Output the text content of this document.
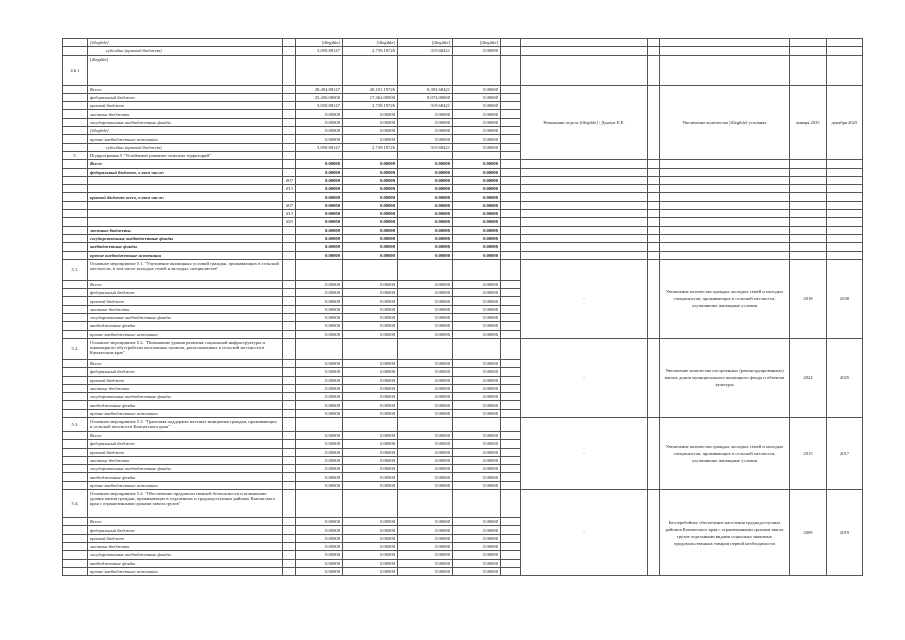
	[illegible]		[illegible]	[illegible]	[illegible]	[illegible]						
	субсидии (краевой бюджет)		3,058.88147	2,739.19726	319.68421	0.00000						
4.6.1	[illegible]											
	Всего:		28,494.88147	20,101.19726	8,393.68421	0.00000		Начальник отдела [illegible] / Дьячук Е.Е.		Увеличение количества [illegible] условиях	января 2025	декабря 2025
	федеральный бюджет		25,436.00000	17,362.00000	8,074.00000	0.00000						
	краевой бюджет		3,058.88147	2,739.19726	319.68421	0.00000						
	местные бюджеты		0.00000	0.00000	0.00000	0.00000						
	государственные внебюджетные фонды		0.00000	0.00000	0.00000	0.00000						
	[illegible]		0.00000	0.00000	0.00000	0.00000						
	прочие внебюджетные источники		0.00000	0.00000	0.00000	0.00000						
	субсидии (краевой бюджет)		3,058.88147	2,739.19726	319.68421	0.00000						
5.	Подпрограмма 5 "Устойчивое развитие сельских территорий"											
	Всего:		0.00000	0.00000	0.00000	0.00000						
	федеральный бюджет, в том числе:		0.00000	0.00000	0.00000	0.00000						
		807	0.00000	0.00000	0.00000	0.00000						
		813	0.00000	0.00000	0.00000	0.00000						
	краевой бюджет всего, в том числе:		0.00000	0.00000	0.00000	0.00000						
		807	0.00000	0.00000	0.00000	0.00000						
		813	0.00000	0.00000	0.00000	0.00000						
		843	0.00000	0.00000	0.00000	0.00000						
	местные бюджеты		0.00000	0.00000	0.00000	0.00000						
	государственные внебюджетные фонды		0.00000	0.00000	0.00000	0.00000						
	внебюджетные фонды		0.00000	0.00000	0.00000	0.00000						
	прочие внебюджетные источники		0.00000	0.00000	0.00000	0.00000						
5.1.	Основное мероприятие 5.1. "Улучшение жилищных условий граждан, проживающих в сельской местности, в том числе молодых семей и молодых специалистов"							-		Увеличение количества граждан, молодых семей и молодых специалистов, проживающих в сельской местности, улучшивших жилищные условия	2018	2030
	Всего:		0.00000	0.00000	0.00000	0.00000						
	федеральный бюджет		0.00000	0.00000	0.00000	0.00000						
	краевой бюджет		0.00000	0.00000	0.00000	0.00000						
	местные бюджеты		0.00000	0.00000	0.00000	0.00000						
	государственные внебюджетные фонды		0.00000	0.00000	0.00000	0.00000						
	внебюджетные фонды		0.00000	0.00000	0.00000	0.00000						
	прочие внебюджетные источники		0.00000	0.00000	0.00000	0.00000						
5.2.	Основное мероприятие 5.2. "Повышение уровня развития социальной инфраструктуры и инженерного обустройства населенных пунктов, расположенных в сельской местности в Камчатском крае"							-		Увеличение количества построенных (реконструированных) жилых домов муниципального жилищного фонда и объектов культуры	2024	2025
	Всего:		0.00000	0.00000	0.00000	0.00000						
	федеральный бюджет		0.00000	0.00000	0.00000	0.00000						
	краевой бюджет		0.00000	0.00000	0.00000	0.00000						
	местные бюджеты		0.00000	0.00000	0.00000	0.00000						
	государственные внебюджетные фонды		0.00000	0.00000	0.00000	0.00000						
	внебюджетные фонды		0.00000	0.00000	0.00000	0.00000						
	прочие внебюджетные источники		0.00000	0.00000	0.00000	0.00000						
5.3.	Основное мероприятие 5.3. "Грантовая поддержка местных инициатив граждан, проживающих в сельской местности Камчатского края"							-		Увеличение количества граждан, молодых семей и молодых специалистов, проживающих в сельской местности, улучшивших жилищные условия	2015	2017
	Всего:		0.00000	0.00000	0.00000	0.00000						
	федеральный бюджет		0.00000	0.00000	0.00000	0.00000						
	краевой бюджет		0.00000	0.00000	0.00000	0.00000						
	местные бюджеты		0.00000	0.00000	0.00000	0.00000						
	государственные внебюджетные фонды		0.00000	0.00000	0.00000	0.00000						
	внебюджетные фонды		0.00000	0.00000	0.00000	0.00000						
	прочие внебюджетные источники		0.00000	0.00000	0.00000	0.00000						
5.4.	Основное мероприятие 5.4. "Обеспечение продовольственной безопасности и повышение уровня жизни граждан, проживающих в отдаленных и труднодоступных районах Камчатского края с ограниченными сроками завоза грузов"							-		Бесперебойное обеспечение населения труднодоступных районов Камчатского края с ограниченными сроками завоза грузов отдельными видами социально значимых продовольственных товаров первой необходимости	2009	2019
	Всего:		0.00000	0.00000	0.00000	0.00000						
	федеральный бюджет		0.00000	0.00000	0.00000	0.00000						
	краевой бюджет		0.00000	0.00000	0.00000	0.00000						
	местные бюджеты		0.00000	0.00000	0.00000	0.00000						
	государственные внебюджетные фонды		0.00000	0.00000	0.00000	0.00000						
	внебюджетные фонды		0.00000	0.00000	0.00000	0.00000						
	прочие внебюджетные источники		0.00000	0.00000	0.00000	0.00000						
